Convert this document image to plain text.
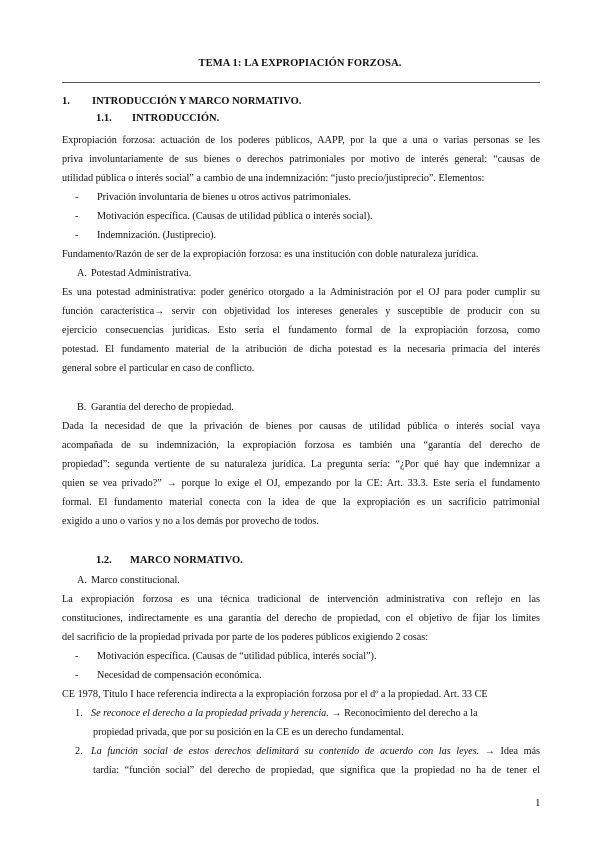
TEMA 1: LA EXPROPIACIÓN FORZOSA.
1. INTRODUCCIÓN Y MARCO NORMATIVO.
1.1. INTRODUCCIÓN.
Expropiación forzosa: actuación de los poderes públicos, AAPP, por la que a una o varias personas se les
priva involuntariamente de sus bienes o derechos patrimoniales por motivo de interés general: “causas de
utilidad pública o interés social” a cambio de una indemnización: “justo precio/justiprecio”. Elementos:
- Privación involuntaria de bienes u otros activos patrimoniales.
- Motivación específica. (Causas de utilidad pública o interés social).
- Indemnización. (Justiprecio).
Fundamento/Razón de ser de la expropiación forzosa: es una institución con doble naturaleza jurídica.
A. Potestad Administrativa.
Es una potestad administrativa: poder genérico otorgado a la Administración por el OJ para poder cumplir su
función característica→ servir con objetividad los intereses generales y susceptible de producir con su
ejercicio consecuencias jurídicas. Esto sería el fundamento formal de la expropiación forzosa, como
potestad. El fundamento material de la atribución de dicha potestad es la necesaria primacía del interés
general sobre el particular en caso de conflicto.
B. Garantía del derecho de propiedad.
Dada la necesidad de que la privación de bienes por causas de utilidad pública o interés social vaya
acompañada de su indemnización, la expropiación forzosa es también una “garantía del derecho de
propiedad”: segunda vertiente de su naturaleza jurídica. La pregunta sería: “¿Por qué hay que indemnizar a
quien se vea privado?” → porque lo exige el OJ, empezando por la CE: Art. 33.3. Este sería el fundamento
formal. El fundamento material conecta con la idea de que la expropiación es un sacrificio patrimonial
exigido a uno o varios y no a los demás por provecho de todos.
1.2. MARCO NORMATIVO.
A. Marco constitucional.
La expropiación forzosa es una técnica tradicional de intervención administrativa con reflejo en las
constituciones, indirectamente es una garantía del derecho de propiedad, con el objetivo de fijar los límites
del sacrificio de la propiedad privada por parte de los poderes públicos exigiendo 2 cosas:
- Motivación específica. (Causas de “utilidad pública, interés social”).
- Necesidad de compensación económica.
CE 1978, Título I hace referencia indirecta a la expropiación forzosa por el dº a la propiedad. Art. 33 CE
1. Se reconoce el derecho a la propiedad privada y herencia. → Reconocimiento del derecho a la
propiedad privada, que por su posición en la CE es un derecho fundamental.
2. La función social de estos derechos delimitará su contenido de acuerdo con las leyes. → Idea más
tardía: “función social” del derecho de propiedad, que significa que la propiedad no ha de tener el
1
